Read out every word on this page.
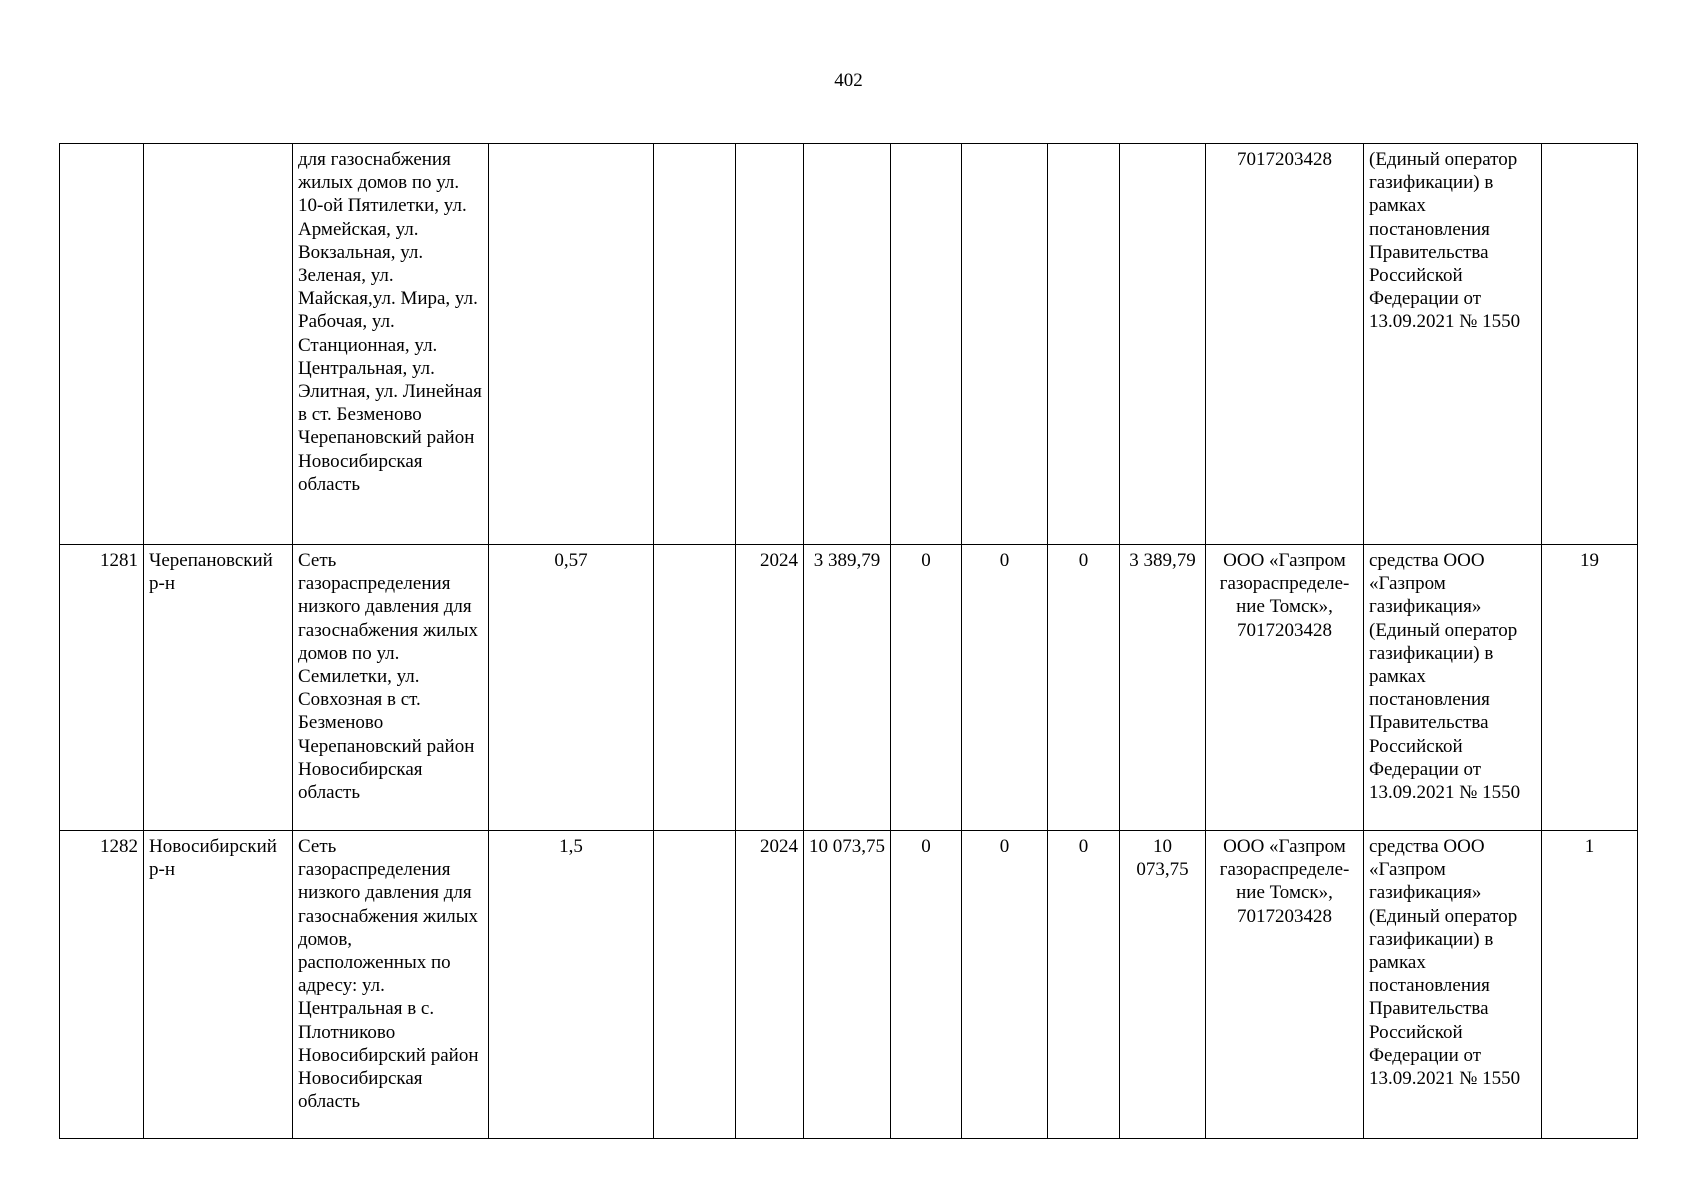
402
		для газоснабжения жилых домов по ул. 10-ой Пятилетки, ул. Армейская, ул. Вокзальная, ул. Зеленая, ул. Майская,ул. Мира, ул. Рабочая, ул. Станционная, ул. Центральная, ул. Элитная, ул. Линейная в ст. Безменово Черепановский район Новосибирская область									7017203428	(Единый оператор газификации) в рамках постановления Правительства Российской Федерации от 13.09.2021 № 1550	
1281	Черепановский р-н	Сеть газораспределения низкого давления для газоснабжения жилых домов по ул. Семилетки, ул. Совхозная в ст. Безменово Черепановский район Новосибирская область	0,57		2024	3 389,79	0	0	0	3 389,79	ООО «Газпром газораспределе-ние Томск», 7017203428	средства ООО «Газпром газификация» (Единый оператор газификации) в рамках постановления Правительства Российской Федерации от 13.09.2021 № 1550	19
1282	Новосибирский р-н	Сеть газораспределения низкого давления для газоснабжения жилых домов, расположенных по адресу: ул. Центральная в с. Плотниково Новосибирский район Новосибирская область	1,5		2024	10 073,75	0	0	0	10 073,75	ООО «Газпром газораспределе-ние Томск», 7017203428	средства ООО «Газпром газификация» (Единый оператор газификации) в рамках постановления Правительства Российской Федерации от 13.09.2021 № 1550	1
